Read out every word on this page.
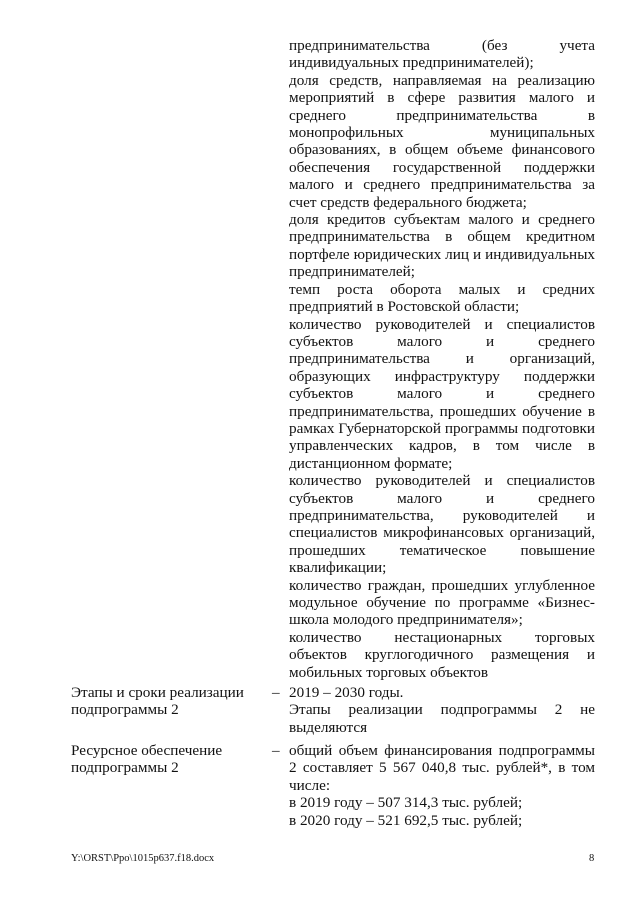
предпринимательства (без учета индивидуальных предпринимателей);

доля средств, направляемая на реализацию мероприятий в сфере развития малого и среднего предпринимательства в монопрофильных муниципальных образованиях, в общем объеме финансового обеспечения государственной поддержки малого и среднего предпринимательства за счет средств федерального бюджета;

доля кредитов субъектам малого и среднего предпринимательства в общем кредитном портфеле юридических лиц и индивидуальных предпринимателей;

темп роста оборота малых и средних предприятий в Ростовской области;

количество руководителей и специалистов субъектов малого и среднего предпринимательства и организаций, образующих инфраструктуру поддержки субъектов малого и среднего предпринимательства, прошедших обучение в рамках Губернаторской программы подготовки управленческих кадров, в том числе в дистанционном формате;

количество руководителей и специалистов субъектов малого и среднего предпринимательства, руководителей и специалистов микрофинансовых организаций, прошедших тематическое повышение квалификации;

количество граждан, прошедших углубленное модульное обучение по программе «Бизнес-школа молодого предпринимателя»;

количество нестационарных торговых объектов круглогодичного размещения и мобильных торговых объектов

Этапы и сроки реализации подпрограммы 2
– 2019 – 2030 годы.

Этапы реализации подпрограммы 2 не выделяются

Ресурсное обеспечение подпрограммы 2
– общий объем финансирования подпрограммы 2 составляет 5 567 040,8 тыс. рублей*, в том числе:

в 2019 году – 507 314,3 тыс. рублей;

в 2020 году – 521 692,5 тыс. рублей;

Y:\ORST\Ppo\1015p637.f18.docx	8
